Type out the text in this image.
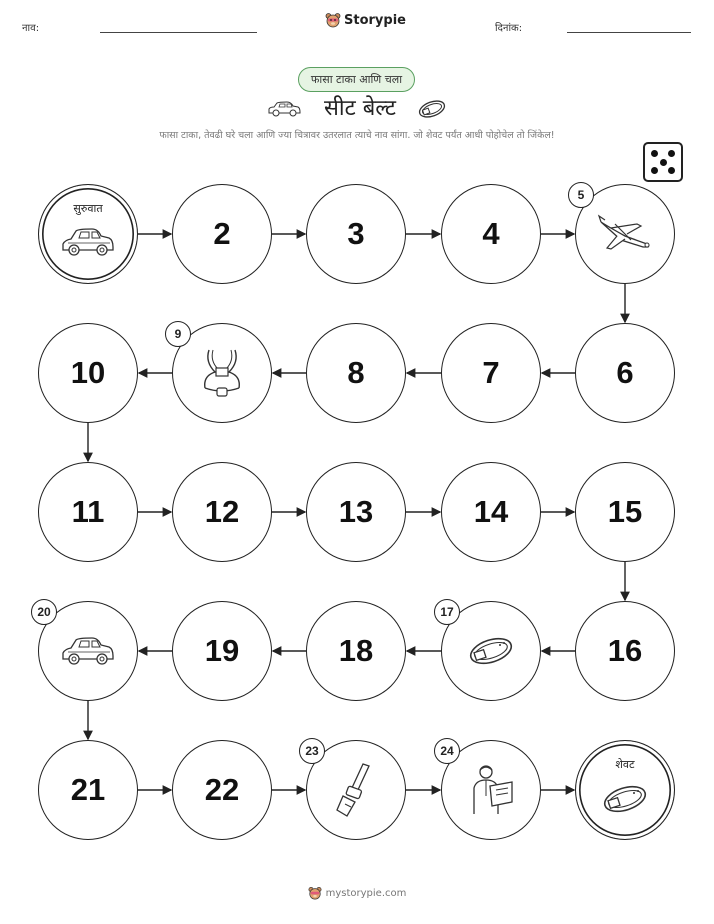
नाव:
Storypie
दिनांक:
फासा टाका आणि चला
सीट बेल्ट
फासा टाका, तेवढी घरे चला आणि ज्या चित्रावर उतरलात त्याचे नाव सांगा. जो शेवट पर्यंत आधी पोहोचेल तो जिंकेल!
सुरुवात
2	3	4
5
6
7
8
9
10
11	12	13	14	15
16
17
18
19
20
21	22
23	24
शेवट
mystorypie.com
